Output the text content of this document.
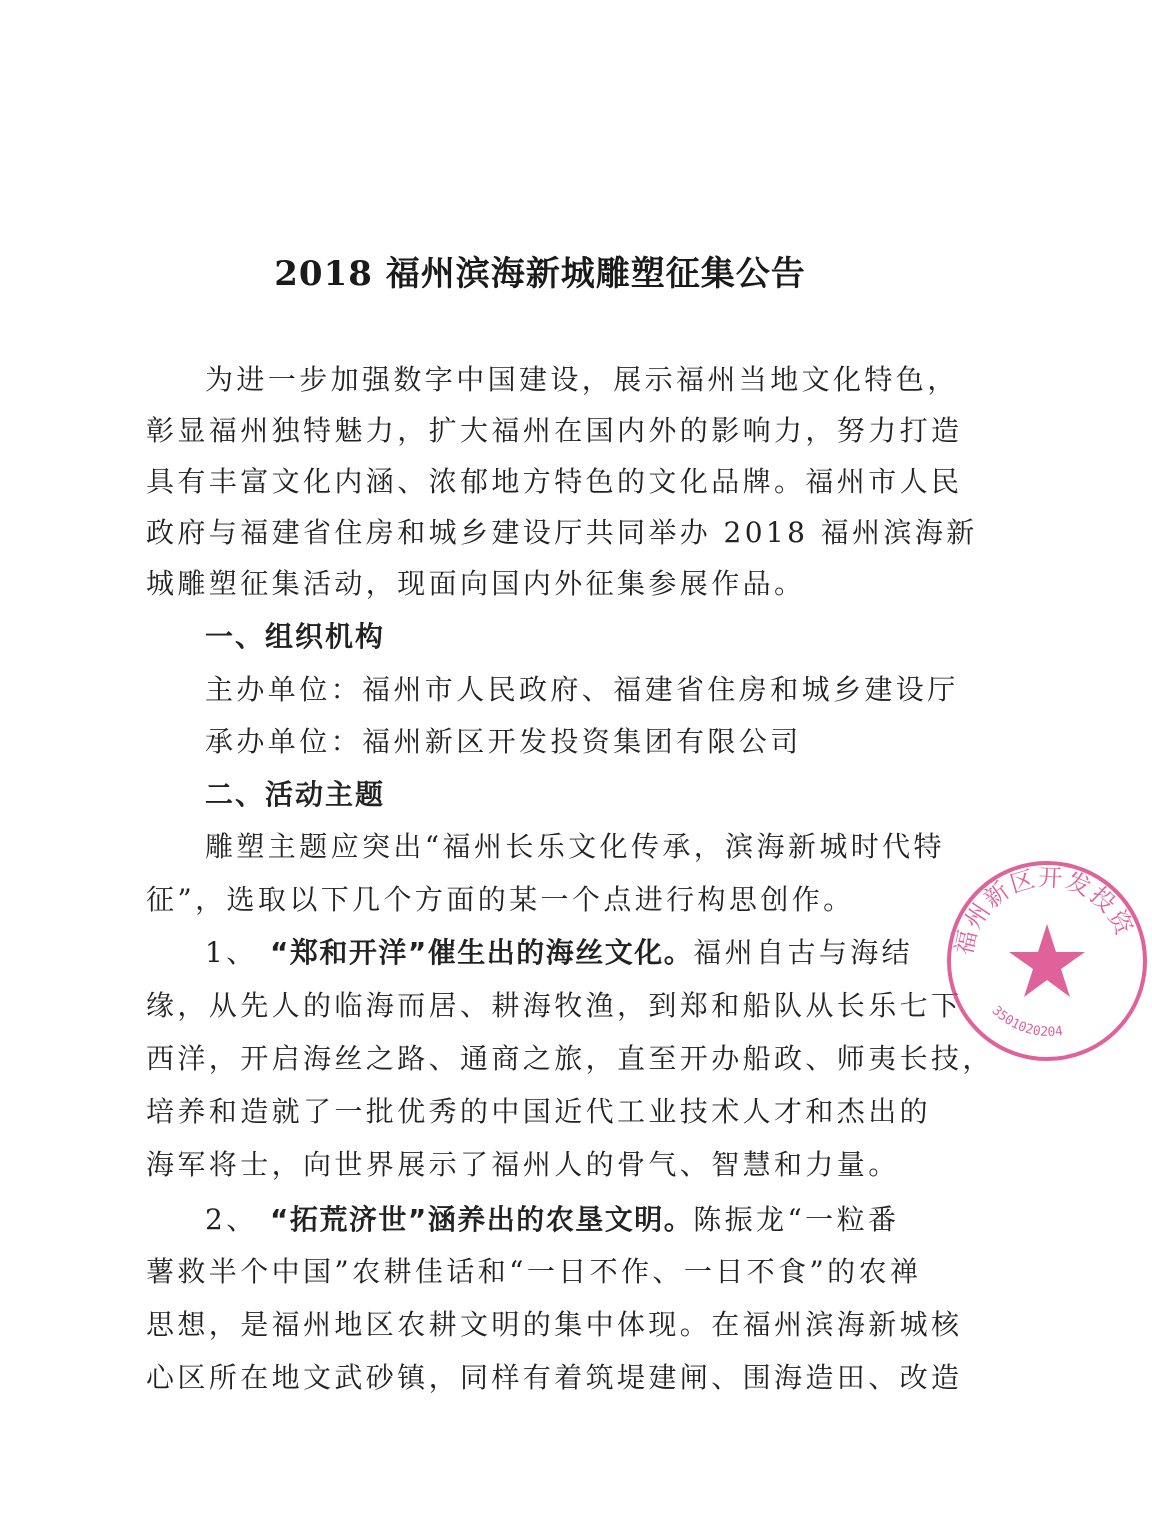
2018 福州滨海新城雕塑征集公告
为进一步加强数字中国建设，展示福州当地文化特色，
彰显福州独特魅力，扩大福州在国内外的影响力，努力打造
具有丰富文化内涵、浓郁地方特色的文化品牌。福州市人民
政府与福建省住房和城乡建设厅共同举办 2018 福州滨海新
城雕塑征集活动，现面向国内外征集参展作品。
一、组织机构
主办单位：福州市人民政府、福建省住房和城乡建设厅
承办单位：福州新区开发投资集团有限公司
二、活动主题
雕塑主题应突出“福州长乐文化传承，滨海新城时代特
征”，选取以下几个方面的某一个点进行构思创作。
1、 “郑和开洋”催生出的海丝文化。福州自古与海结
缘，从先人的临海而居、耕海牧渔，到郑和船队从长乐七下
西洋，开启海丝之路、通商之旅，直至开办船政、师夷长技，
培养和造就了一批优秀的中国近代工业技术人才和杰出的
海军将士，向世界展示了福州人的骨气、智慧和力量。
2、 “拓荒济世”涵养出的农垦文明。陈振龙“一粒番
薯救半个中国”农耕佳话和“一日不作、一日不食”的农禅
思想，是福州地区农耕文明的集中体现。在福州滨海新城核
心区所在地文武砂镇，同样有着筑堤建闸、围海造田、改造
福州新区开发投资
3501020204
